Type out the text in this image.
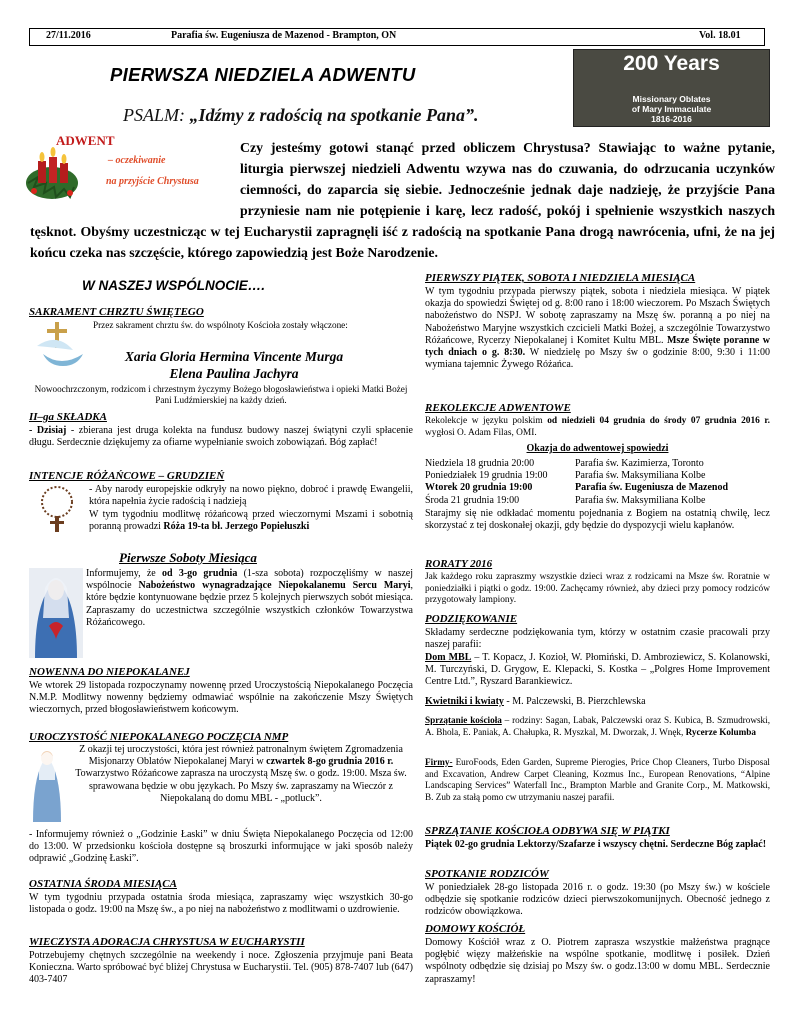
27/11.2016	Parafia św. Eugeniusza de Mazenod - Brampton, ON	Vol. 18.01
PIERWSZA NIEDZIELA ADWENTU	200 Years
Missionary Oblates
of Mary Immaculate
1816-2016
PSALM: „Idźmy z radością na spotkanie Pana”.
Czy jesteśmy gotowi stanąć przed obliczem Chrystusa? Stawiając to ważne pytanie, liturgia pierwszej niedzieli Adwentu wzywa nas do czuwania, do odrzucania uczynków ciemności, do zaparcia się siebie. Jednocześnie jednak daje nadzieję, że przyjście Pana przyniesie nam nie potępienie i karę, lecz radość, pokój i spełnienie wszystkich naszych tęsknot. Obyśmy uczestnicząc w tej Eucharystii zapragnęli iść z radością na spotkanie Pana drogą nawrócenia, ufni, że na jej końcu czeka nas szczęście, którego zapowiedzią jest Boże Narodzenie.
ADWENT
– oczekiwanie
na przyjście Chrystusa
W NASZEJ WSPÓLNOCIE….
SAKRAMENT CHRZTU ŚWIĘTEGO
Przez sakrament chrztu św. do wspólnoty Kościoła zostały włączone:
Xaria Gloria Hermina Vincente Murga
Elena Paulina Jachyra
Nowoochrzczonym, rodzicom i chrzestnym życzymy Bożego błogosławieństwa i opieki Matki Bożej Pani Ludźmierskiej na każdy dzień.
II–ga SKŁADKA
- Dzisiaj - zbierana jest druga kolekta na fundusz budowy naszej świątyni czyli spłacenie długu. Serdecznie dziękujemy za ofiarne wypełnianie swoich zobowiązań. Bóg zapłać!
INTENCJE RÓŻAŃCOWE – GRUDZIEŃ
- Aby narody europejskie odkryły na nowo piękno, dobroć i prawdę Ewangelii, która napełnia życie radością i nadzieją
W tym tygodniu modlitwę różańcową przed wieczornymi Mszami i sobotnią poranną prowadzi Róża 19-ta bł. Jerzego Popiełuszki
Pierwsze Soboty Miesiąca
Informujemy, że od 3-go grudnia (1-sza sobota) rozpoczęliśmy w naszej wspólnocie Nabożeństwo wynagradzające Niepokalanemu Sercu Maryi, które będzie kontynuowane będzie przez 5 kolejnych pierwszych sobót miesiąca. Zapraszamy do uczestnictwa szczególnie wszystkich członków Towarzystwa Różańcowego.
NOWENNA DO NIEPOKALANEJ
We wtorek 29 listopada rozpoczynamy nowennę przed Uroczystością Niepokalanego Poczęcia N.M.P. Modlitwy nowenny będziemy odmawiać wspólnie na zakończenie Mszy Świętych wieczornych, przed błogosławieństwem końcowym.
UROCZYSTOŚĆ NIEPOKALANEGO POCZĘCIA NMP
Z okazji tej uroczystości, która jest również patronalnym świętem Zgromadzenia Misjonarzy Oblatów Niepokalanej Maryi w czwartek 8-go grudnia 2016 r. Towarzystwo Różańcowe zaprasza na uroczystą Mszę św. o godz. 19:00. Msza św. sprawowana będzie w obu językach. Po Mszy św. zapraszamy na Wieczór z Niepokalaną do domu MBL - „potluck”.
- Informujemy również o „Godzinie Łaski” w dniu Święta Niepokalanego Poczęcia od 12:00 do 13:00. W przedsionku kościoła dostępne są broszurki informujące w jaki sposób należy odprawić „Godzinę Łaski”.
OSTATNIA ŚRODA MIESIĄCA
W tym tygodniu przypada ostatnia środa miesiąca, zapraszamy więc wszystkich 30-go listopada o godz. 19:00 na Mszę św., a po niej na nabożeństwo z modlitwami o uzdrowienie.
WIECZYSTA ADORACJA CHRYSTUSA W EUCHARYSTII
Potrzebujemy chętnych szczególnie na weekendy i noce. Zgłoszenia przyjmuje pani Beata Konieczna. Warto spróbować być bliżej Chrystusa w Eucharystii. Tel. (905) 878-7407 lub (647) 403-7407
PIERWSZY PIĄTEK, SOBOTA I NIEDZIELA MIESIĄCA
W tym tygodniu przypada pierwszy piątek, sobota i niedziela miesiąca. W piątek okazja do spowiedzi Świętej od g. 8:00 rano i 18:00 wieczorem. Po Mszach Świętych nabożeństwo do NSPJ. W sobotę zapraszamy na Mszę św. poranną a po niej na Nabożeństwo Maryjne wszystkich czcicieli Matki Bożej, a szczególnie Towarzystwo Różańcowe, Rycerzy Niepokalanej i Komitet Kultu MBL. Msze Święte poranne w tych dniach o g. 8:30. W niedzielę po Mszy św o godzinie 8:00, 9:30 i 11:00 wymiana tajemnic Żywego Różańca.
REKOLEKCJE ADWENTOWE
Rekolekcje w języku polskim od niedzieli 04 grudnia do środy 07 grudnia 2016 r. wygłosi O. Adam Filas, OMI.
Okazja do adwentowej spowiedzi
Niedziela 18 grudnia 20:00	Parafia św. Kazimierza, Toronto
Poniedziałek 19 grudnia 19:00	Parafia św. Maksymiliana Kolbe
Wtorek 20 grudnia 19:00	Parafia św. Eugeniusza de Mazenod
Środa 21 grudnia 19:00	Parafia św. Maksymiliana Kolbe
Starajmy się nie odkładać momentu pojednania z Bogiem na ostatnią chwilę, lecz skorzystać z tej doskonałej okazji, gdy będzie do dyspozycji wielu kapłanów.
RORATY 2016
Jak każdego roku zapraszmy wszystkie dzieci wraz z rodzicami na Msze św. Roratnie w poniedziałki i piątki o godz. 19:00. Zachęcamy również, aby dzieci przy pomocy rodziców przygotowały lampiony.
PODZIĘKOWANIE
Składamy serdeczne podziękowania tym, którzy w ostatnim czasie pracowali przy naszej parafii:
Dom MBL – T. Kopacz, J. Kozioł, W. Płomiński, D. Ambroziewicz, S. Kolanowski, M. Turczyński, D. Grygow, E. Klepacki, S. Kostka – „Polgres Home Improvement Centre Ltd.”, Ryszard Barankiewicz.
Kwietniki i kwiaty - M. Palczewski, B. Pierzchlewska
Sprzątanie kościoła – rodziny: Sagan, Labak, Palczewski oraz S. Kubica, B. Szmudrowski, A. Bhola, E. Paniak, A. Chałupka, R. Myszkal, M. Dworzak, J. Wnęk, Rycerze Kolumba
Firmy- EuroFoods, Eden Garden, Supreme Pierogies, Price Chop Cleaners, Turbo Disposal and Excavation, Andrew Carpet Cleaning, Kozmus Inc., European Renovations, “Alpine Landscaping Services” Waterfall Inc., Brampton Marble and Granite Corp., M. Matkowski, B. Zub za stałą pomo cw utrzymaniu naszej parafii.
SPRZĄTANIE KOŚCIOŁA ODBYWA SIĘ W PIĄTKI
Piątek 02-go grudnia Lektorzy/Szafarze i wszyscy chętni. Serdeczne Bóg zapłać!
SPOTKANIE RODZICÓW
W poniedziałek 28-go listopada 2016 r. o godz. 19:30 (po Mszy św.) w kościele odbędzie się spotkanie rodziców dzieci pierwszokomunijnych. Obecność jednego z rodziców obowiązkowa.
DOMOWY KOŚCIÓŁ
Domowy Kościół wraz z O. Piotrem zaprasza wszystkie małżeństwa pragnące pogłębić więzy małżeńskie na wspólne spotkanie, modlitwę i posiłek. Dzień wspólnoty odbędzie się dzisiaj po Mszy św. o godz.13:00 w domu MBL. Serdecznie zapraszamy!
